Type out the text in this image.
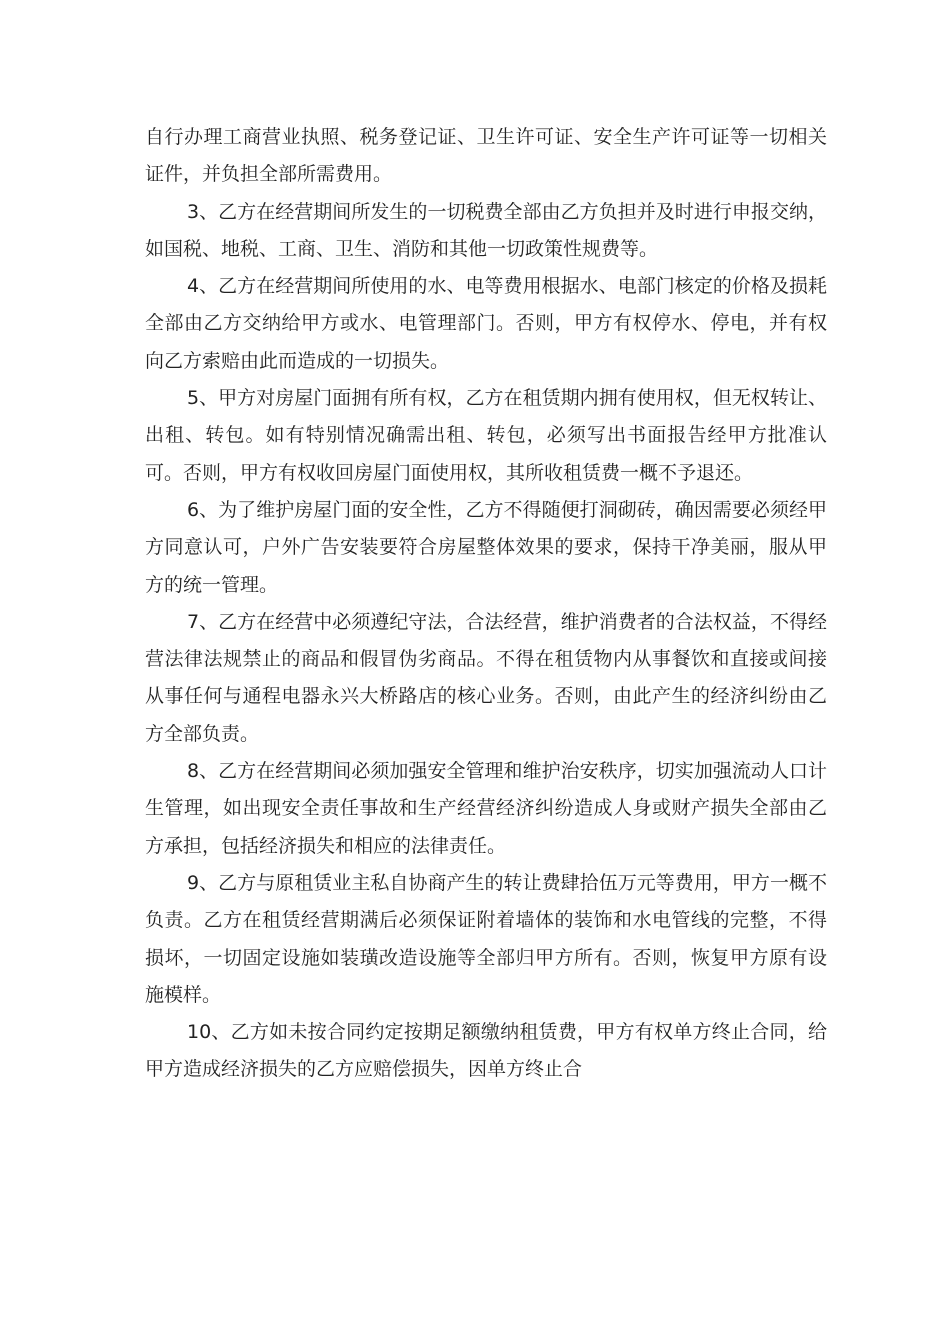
自行办理工商营业执照、税务登记证、卫生许可证、安全生产许可证等一切相关证件，并负担全部所需费用。

3、乙方在经营期间所发生的一切税费全部由乙方负担并及时进行申报交纳，如国税、地税、工商、卫生、消防和其他一切政策性规费等。

4、乙方在经营期间所使用的水、电等费用根据水、电部门核定的价格及损耗全部由乙方交纳给甲方或水、电管理部门。否则，甲方有权停水、停电，并有权向乙方索赔由此而造成的一切损失。

5、甲方对房屋门面拥有所有权，乙方在租赁期内拥有使用权，但无权转让、出租、转包。如有特别情况确需出租、转包，必须写出书面报告经甲方批准认可。否则，甲方有权收回房屋门面使用权，其所收租赁费一概不予退还。

6、为了维护房屋门面的安全性，乙方不得随便打洞砌砖，确因需要必须经甲方同意认可，户外广告安装要符合房屋整体效果的要求，保持干净美丽，服从甲方的统一管理。

7、乙方在经营中必须遵纪守法，合法经营，维护消费者的合法权益，不得经营法律法规禁止的商品和假冒伪劣商品。不得在租赁物内从事餐饮和直接或间接从事任何与通程电器永兴大桥路店的核心业务。否则，由此产生的经济纠纷由乙方全部负责。

8、乙方在经营期间必须加强安全管理和维护治安秩序，切实加强流动人口计生管理，如出现安全责任事故和生产经营经济纠纷造成人身或财产损失全部由乙方承担，包括经济损失和相应的法律责任。

9、乙方与原租赁业主私自协商产生的转让费肆拾伍万元等费用，甲方一概不负责。乙方在租赁经营期满后必须保证附着墙体的装饰和水电管线的完整，不得损坏，一切固定设施如装璜改造设施等全部归甲方所有。否则，恢复甲方原有设施模样。

10、乙方如未按合同约定按期足额缴纳租赁费，甲方有权单方终止合同，给甲方造成经济损失的乙方应赔偿损失，因单方终止合
